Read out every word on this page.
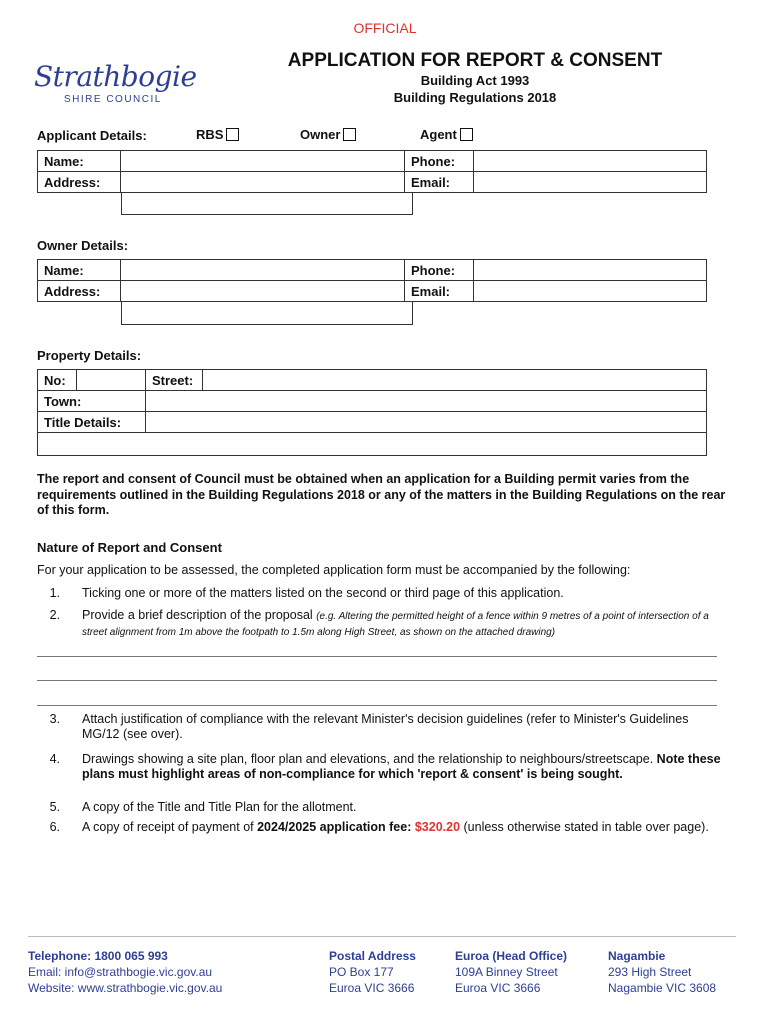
OFFICIAL
Strathbogie
SHIRE COUNCIL
APPLICATION FOR REPORT & CONSENT
Building Act 1993
Building Regulations 2018
Applicant Details:	RBS	Owner	Agent
Name:		Phone:	
Address:		Email:	
Owner Details:
Name:		Phone:	
Address:		Email:	
Property Details:
No:		Street:	
Town:			
Title Details:			

The report and consent of Council must be obtained when an application for a Building permit varies from the requirements outlined in the Building Regulations 2018 or any of the matters in the Building Regulations on the rear of this form.
Nature of Report and Consent
For your application to be assessed, the completed application form must be accompanied by the following:
1. Ticking one or more of the matters listed on the second or third page of this application.
2. Provide a brief description of the proposal (e.g. Altering the permitted height of a fence within 9 metres of a point of intersection of a street alignment from 1m above the footpath to 1.5m along High Street, as shown on the attached drawing)
3. Attach justification of compliance with the relevant Minister's decision guidelines (refer to Minister's Guidelines MG/12 (see over).
4. Drawings showing a site plan, floor plan and elevations, and the relationship to neighbours/streetscape. Note these plans must highlight areas of non-compliance for which 'report & consent' is being sought.
5. A copy of the Title and Title Plan for the allotment.
6. A copy of receipt of payment of 2024/2025 application fee: $320.20 (unless otherwise stated in table over page).
Telephone: 1800 065 993
Email: info@strathbogie.vic.gov.au
Website: www.strathbogie.vic.gov.au
Postal Address
PO Box 177
Euroa VIC 3666
Euroa (Head Office)
109A Binney Street
Euroa VIC 3666
Nagambie
293 High Street
Nagambie VIC 3608
